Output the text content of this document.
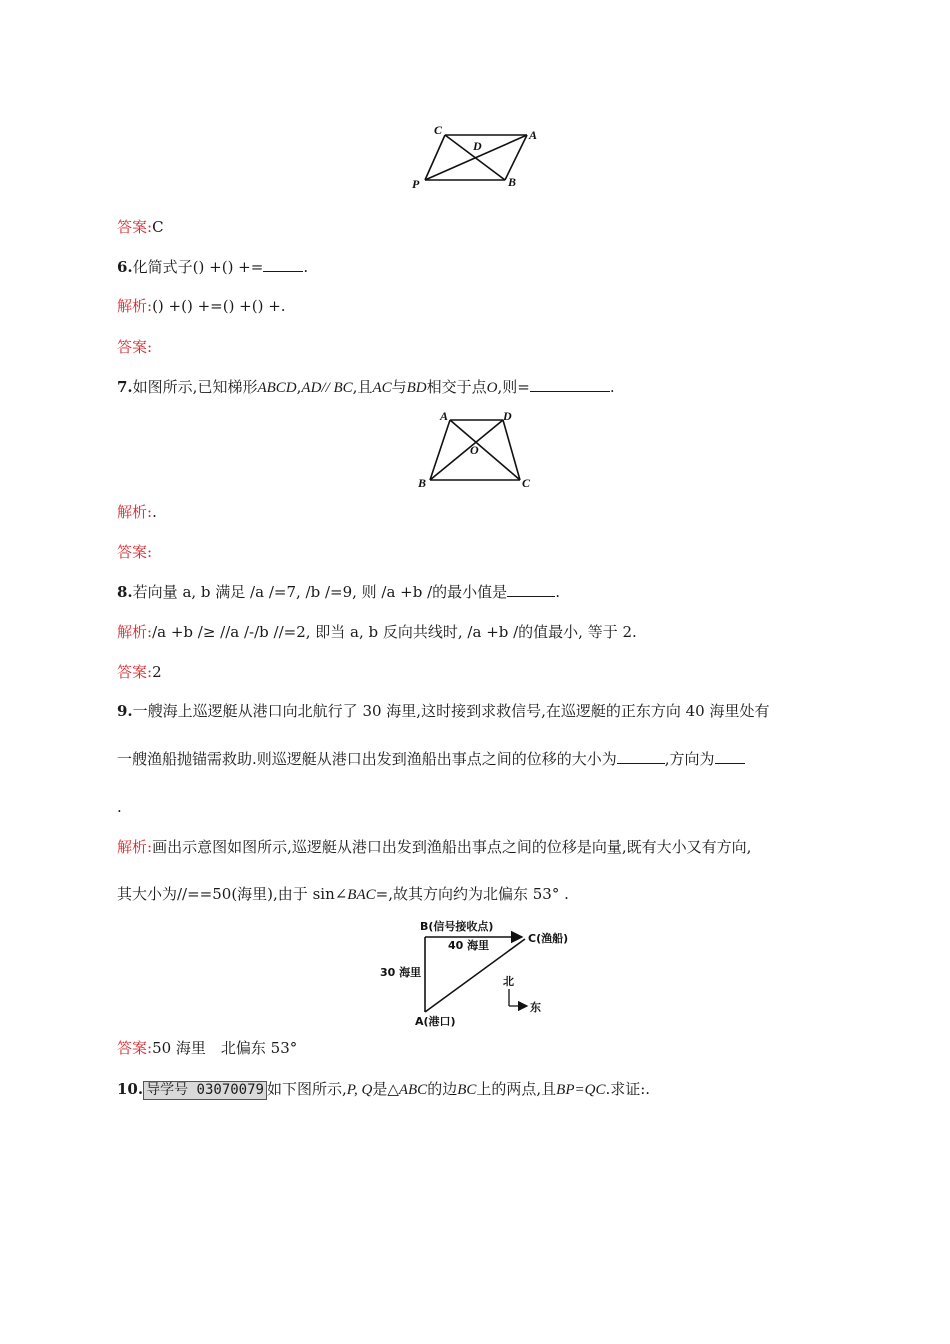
C	A
D
P	B
答案:C
6.化简式子() +() +=	.
解析:() +() +=() +() +.
答案:
7.如图所示,已知梯形ABCD,AD// BC,且AC与BD相交于点O,则=	.
A	D
O
B	C
解析:.
答案:
8.若向量 a, b 满足 /a /=7, /b /=9, 则 /a +b /的最小值是	.
解析:/a +b /≥ //a /-/b //=2, 即当 a, b 反向共线时, /a +b /的值最小, 等于 2.
答案:2
9.一艘海上巡逻艇从港口向北航行了 30 海里,这时接到求救信号,在巡逻艇的正东方向 40 海里处有
一艘渔船抛锚需救助.则巡逻艇从港口出发到渔船出事点之间的位移的大小为	,方向为
.
解析:画出示意图如图所示,巡逻艇从港口出发到渔船出事点之间的位移是向量,既有大小又有方向,
其大小为//==50(海里),由于 sin∠BAC=,故其方向约为北偏东 53° .
B(信号接收点)
C(渔船)
A(港口)
40 海里
30 海里
北
东
答案:50 海里　北偏东 53°
10. 导学号 03070079 如下图所示,P, Q是△ABC的边BC上的两点,且BP=QC.求证:.
